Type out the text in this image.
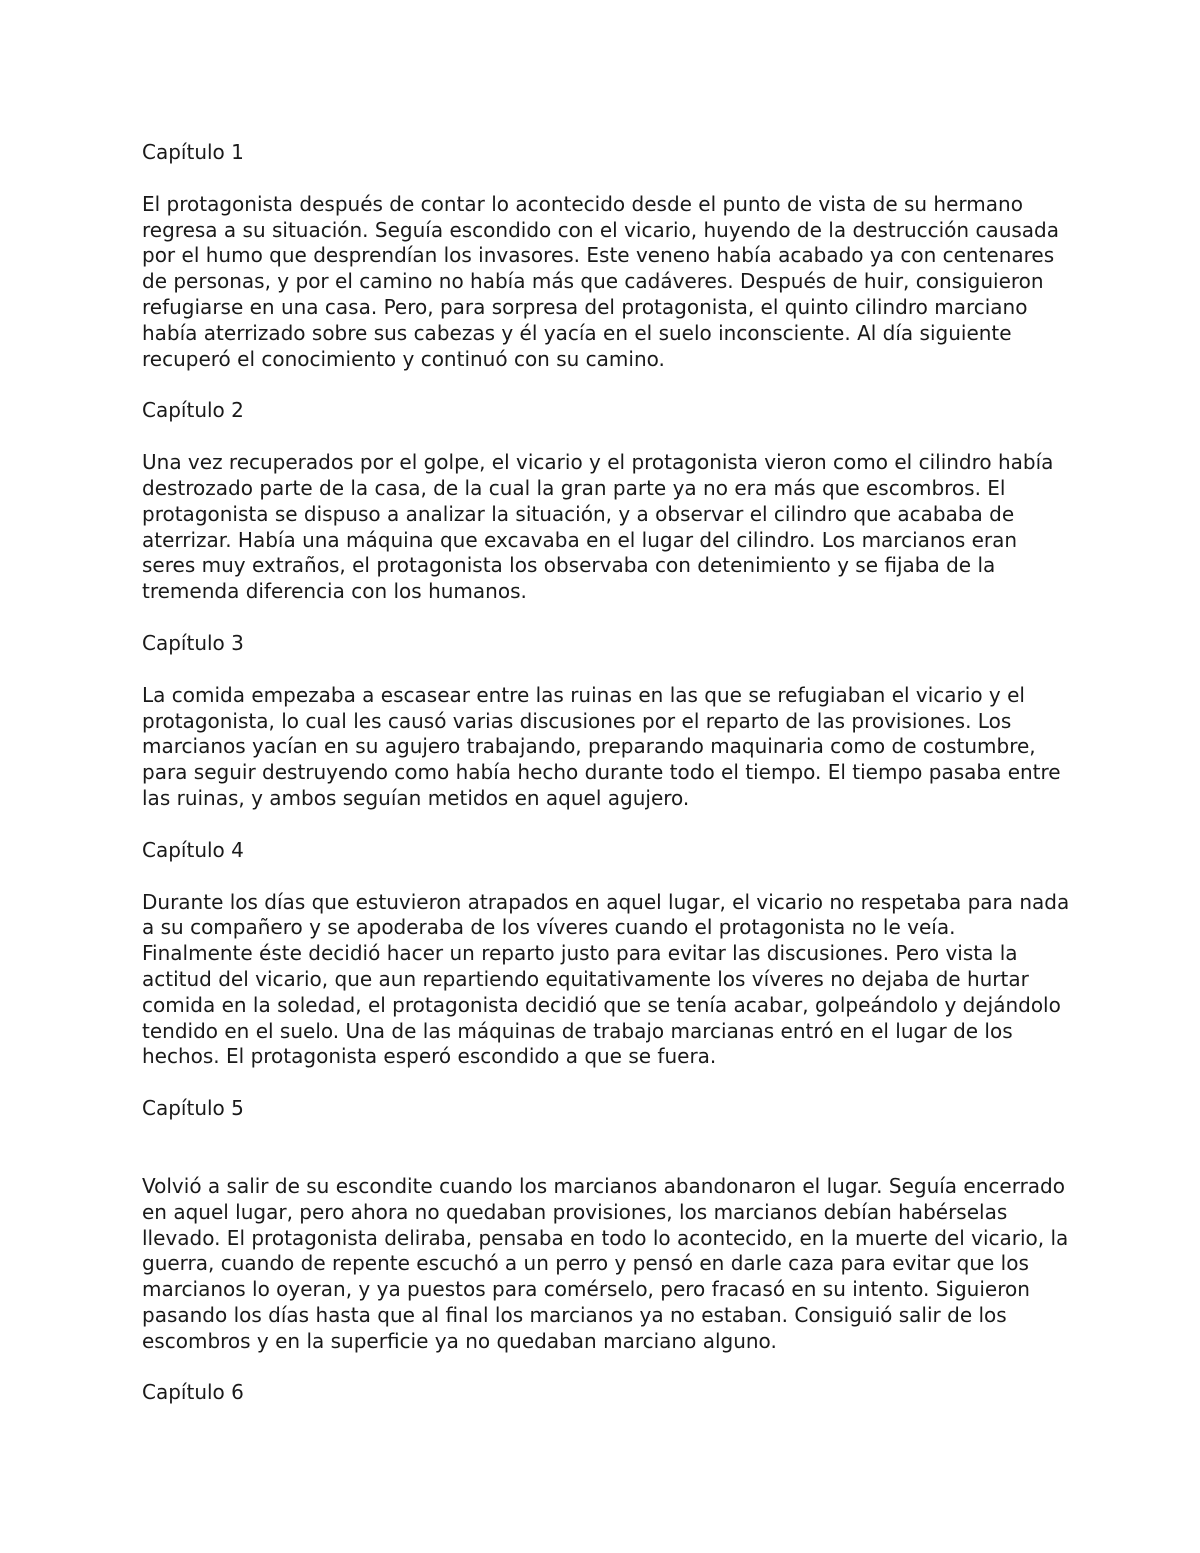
Capítulo 1

El protagonista después de contar lo acontecido desde el punto de vista de su hermano regresa a su situación. Seguía escondido con el vicario, huyendo de la destrucción causada por el humo que desprendían los invasores. Este veneno había acabado ya con centenares de personas, y por el camino no había más que cadáveres. Después de huir, consiguieron refugiarse en una casa. Pero, para sorpresa del protagonista, el quinto cilindro marciano había aterrizado sobre sus cabezas y él yacía en el suelo inconsciente. Al día siguiente recuperó el conocimiento y continuó con su camino.

Capítulo 2

Una vez recuperados por el golpe, el vicario y el protagonista vieron como el cilindro había destrozado parte de la casa, de la cual la gran parte ya no era más que escombros. El protagonista se dispuso a analizar la situación, y a observar el cilindro que acababa de aterrizar. Había una máquina que excavaba en el lugar del cilindro. Los marcianos eran seres muy extraños, el protagonista los observaba con detenimiento y se fijaba de la tremenda diferencia con los humanos.

Capítulo 3

La comida empezaba a escasear entre las ruinas en las que se refugiaban el vicario y el protagonista, lo cual les causó varias discusiones por el reparto de las provisiones. Los marcianos yacían en su agujero trabajando, preparando maquinaria como de costumbre, para seguir destruyendo como había hecho durante todo el tiempo. El tiempo pasaba entre las ruinas, y ambos seguían metidos en aquel agujero.

Capítulo 4

Durante los días que estuvieron atrapados en aquel lugar, el vicario no respetaba para nada a su compañero y se apoderaba de los víveres cuando el protagonista no le veía. Finalmente éste decidió hacer un reparto justo para evitar las discusiones. Pero vista la actitud del vicario, que aun repartiendo equitativamente los víveres no dejaba de hurtar comida en la soledad, el protagonista decidió que se tenía acabar, golpeándolo y dejándolo tendido en el suelo. Una de las máquinas de trabajo marcianas entró en el lugar de los hechos. El protagonista esperó escondido a que se fuera.

Capítulo 5

Volvió a salir de su escondite cuando los marcianos abandonaron el lugar. Seguía encerrado en aquel lugar, pero ahora no quedaban provisiones, los marcianos debían habérselas llevado. El protagonista deliraba, pensaba en todo lo acontecido, en la muerte del vicario, la guerra, cuando de repente escuchó a un perro y pensó en darle caza para evitar que los marcianos lo oyeran, y ya puestos para comérselo, pero fracasó en su intento. Siguieron pasando los días hasta que al final los marcianos ya no estaban. Consiguió salir de los escombros y en la superficie ya no quedaban marciano alguno.

Capítulo 6
